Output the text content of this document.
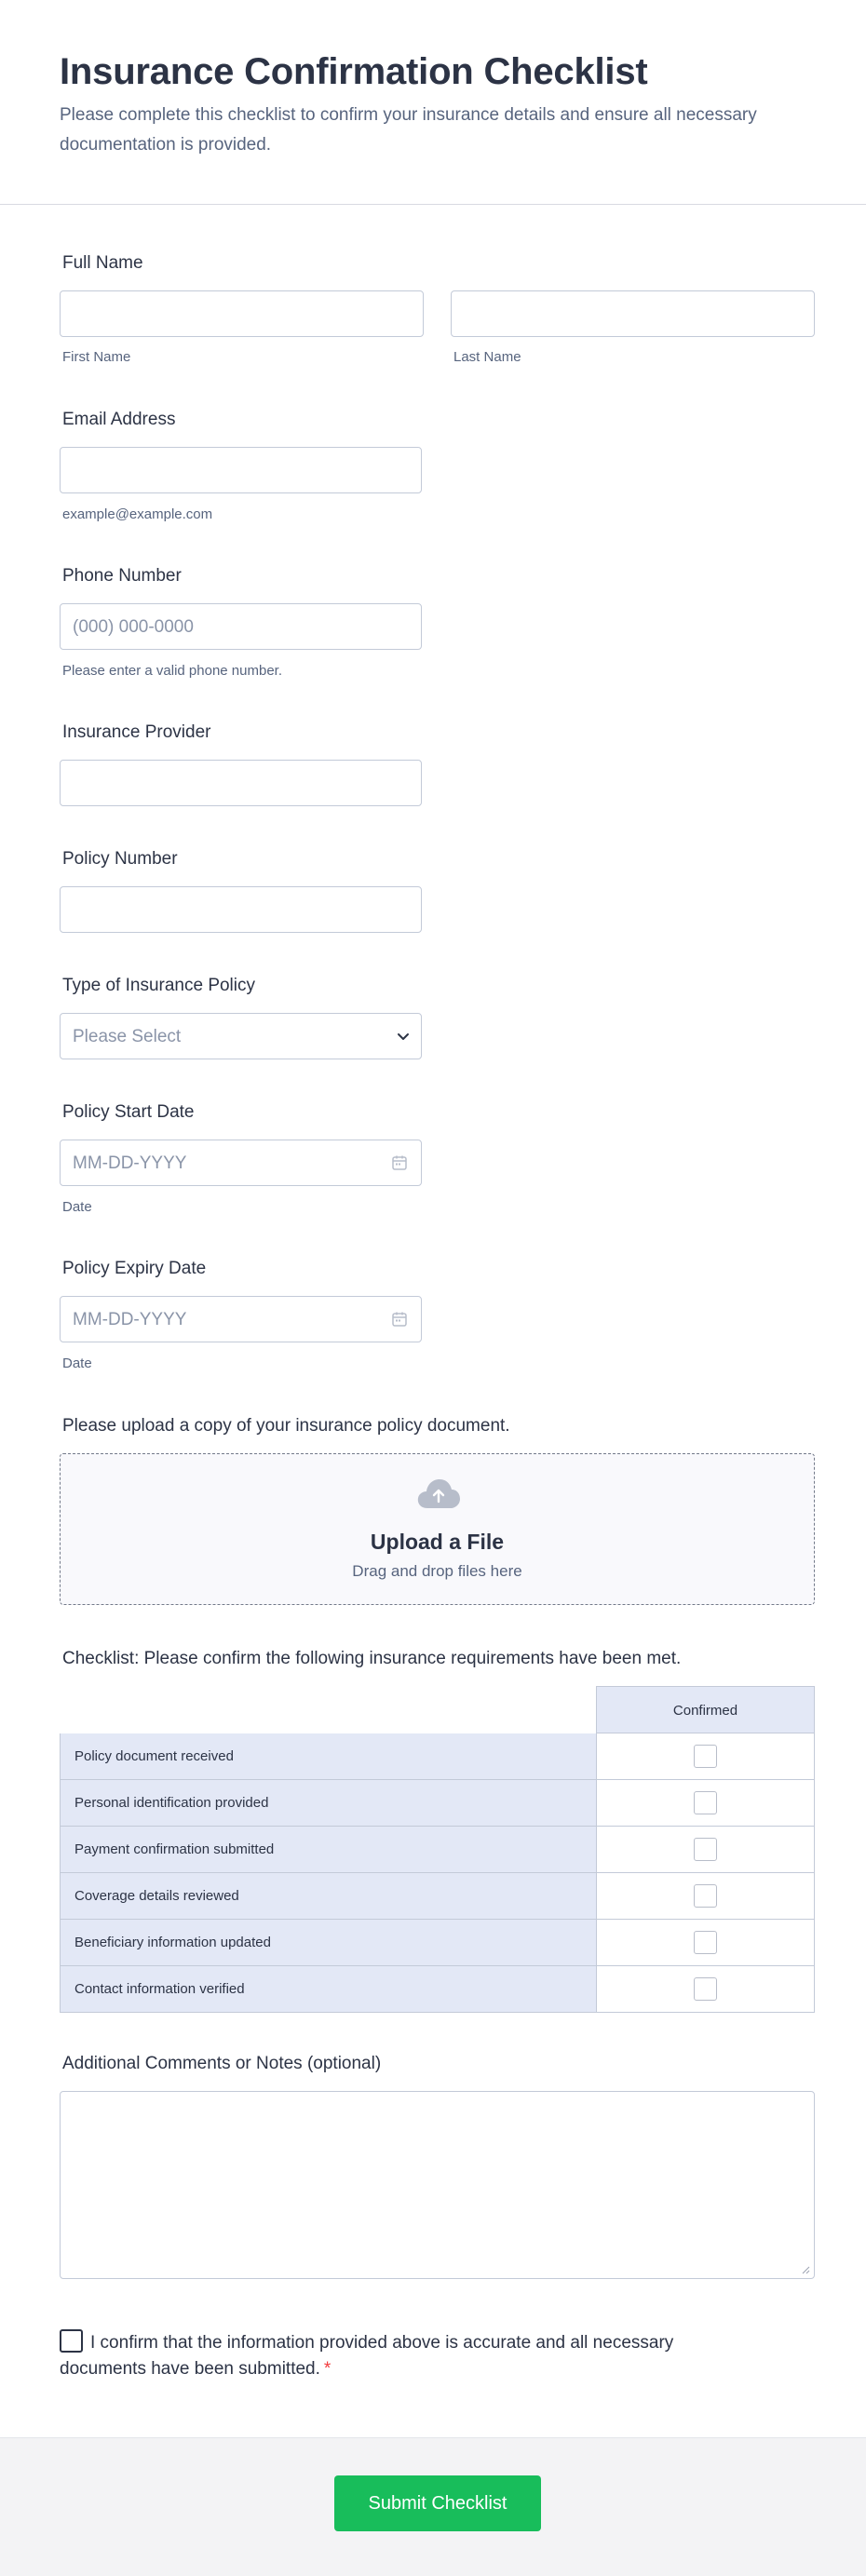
Insurance Confirmation Checklist

Please complete this checklist to confirm your insurance details and ensure all necessary documentation is provided.

Full Name
First Name	Last Name
Email Address
example@example.com
Phone Number
(000) 000-0000
Please enter a valid phone number.
Insurance Provider
Policy Number
Type of Insurance Policy
Please Select
Policy Start Date
MM-DD-YYYY
Date
Policy Expiry Date
MM-DD-YYYY
Date
Please upload a copy of your insurance policy document.
Upload a File
Drag and drop files here
Checklist: Please confirm the following insurance requirements have been met.
Confirmed
Policy document received
Personal identification provided
Payment confirmation submitted
Coverage details reviewed
Beneficiary information updated
Contact information verified
Additional Comments or Notes (optional)
I confirm that the information provided above is accurate and all necessary documents have been submitted. *
Submit Checklist
